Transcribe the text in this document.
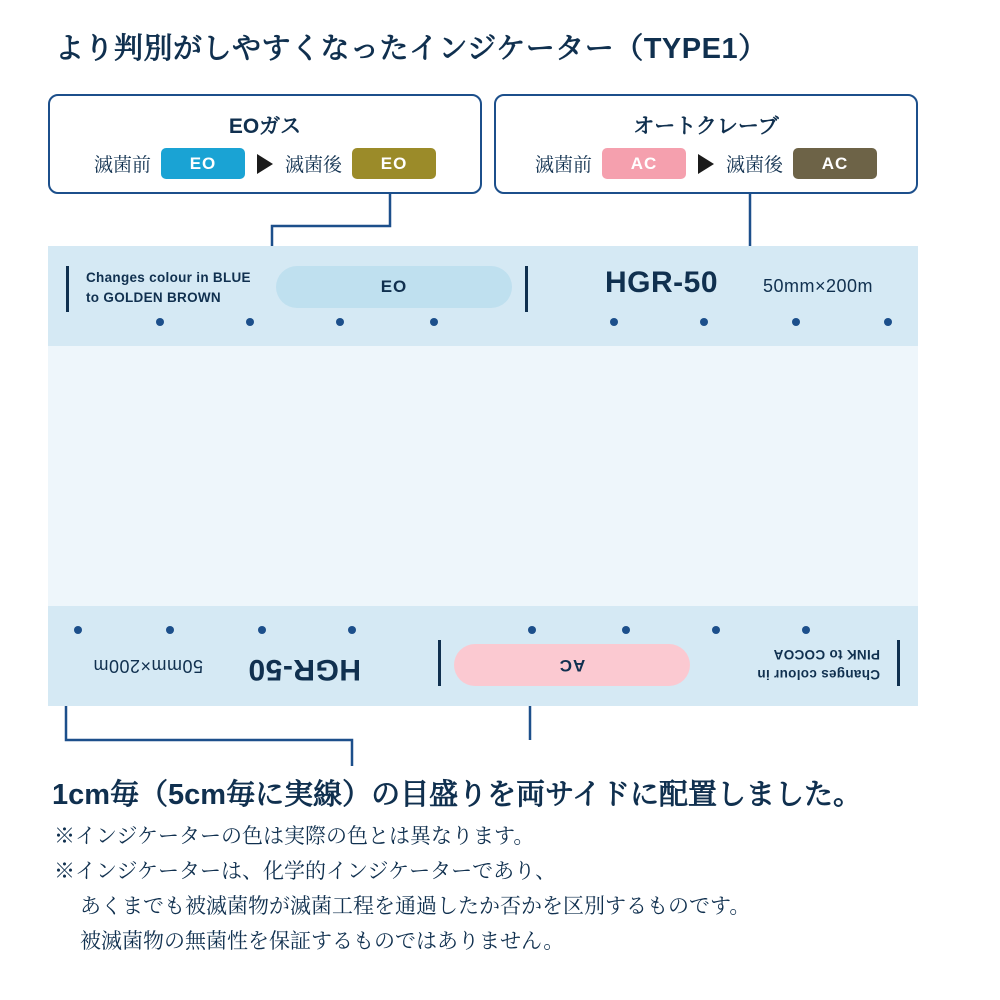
より判別がしやすくなったインジケーター（TYPE1）
EOガス
滅菌前	EO	滅菌後	EO
オートクレーブ
滅菌前	AC	滅菌後	AC
Changes colour in BLUE
to GOLDEN BROWN
EO	HGR-50 50mm×200m
Changes colour in
PINK to COCOA
AC
HGR-50
50mm×200m
1cm毎（5cm毎に実線）の目盛りを両サイドに配置しました。
※インジケーターの色は実際の色とは異なります。
※インジケーターは、化学的インジケーターであり、
あくまでも被滅菌物が滅菌工程を通過したか否かを区別するものです。
被滅菌物の無菌性を保証するものではありません。
